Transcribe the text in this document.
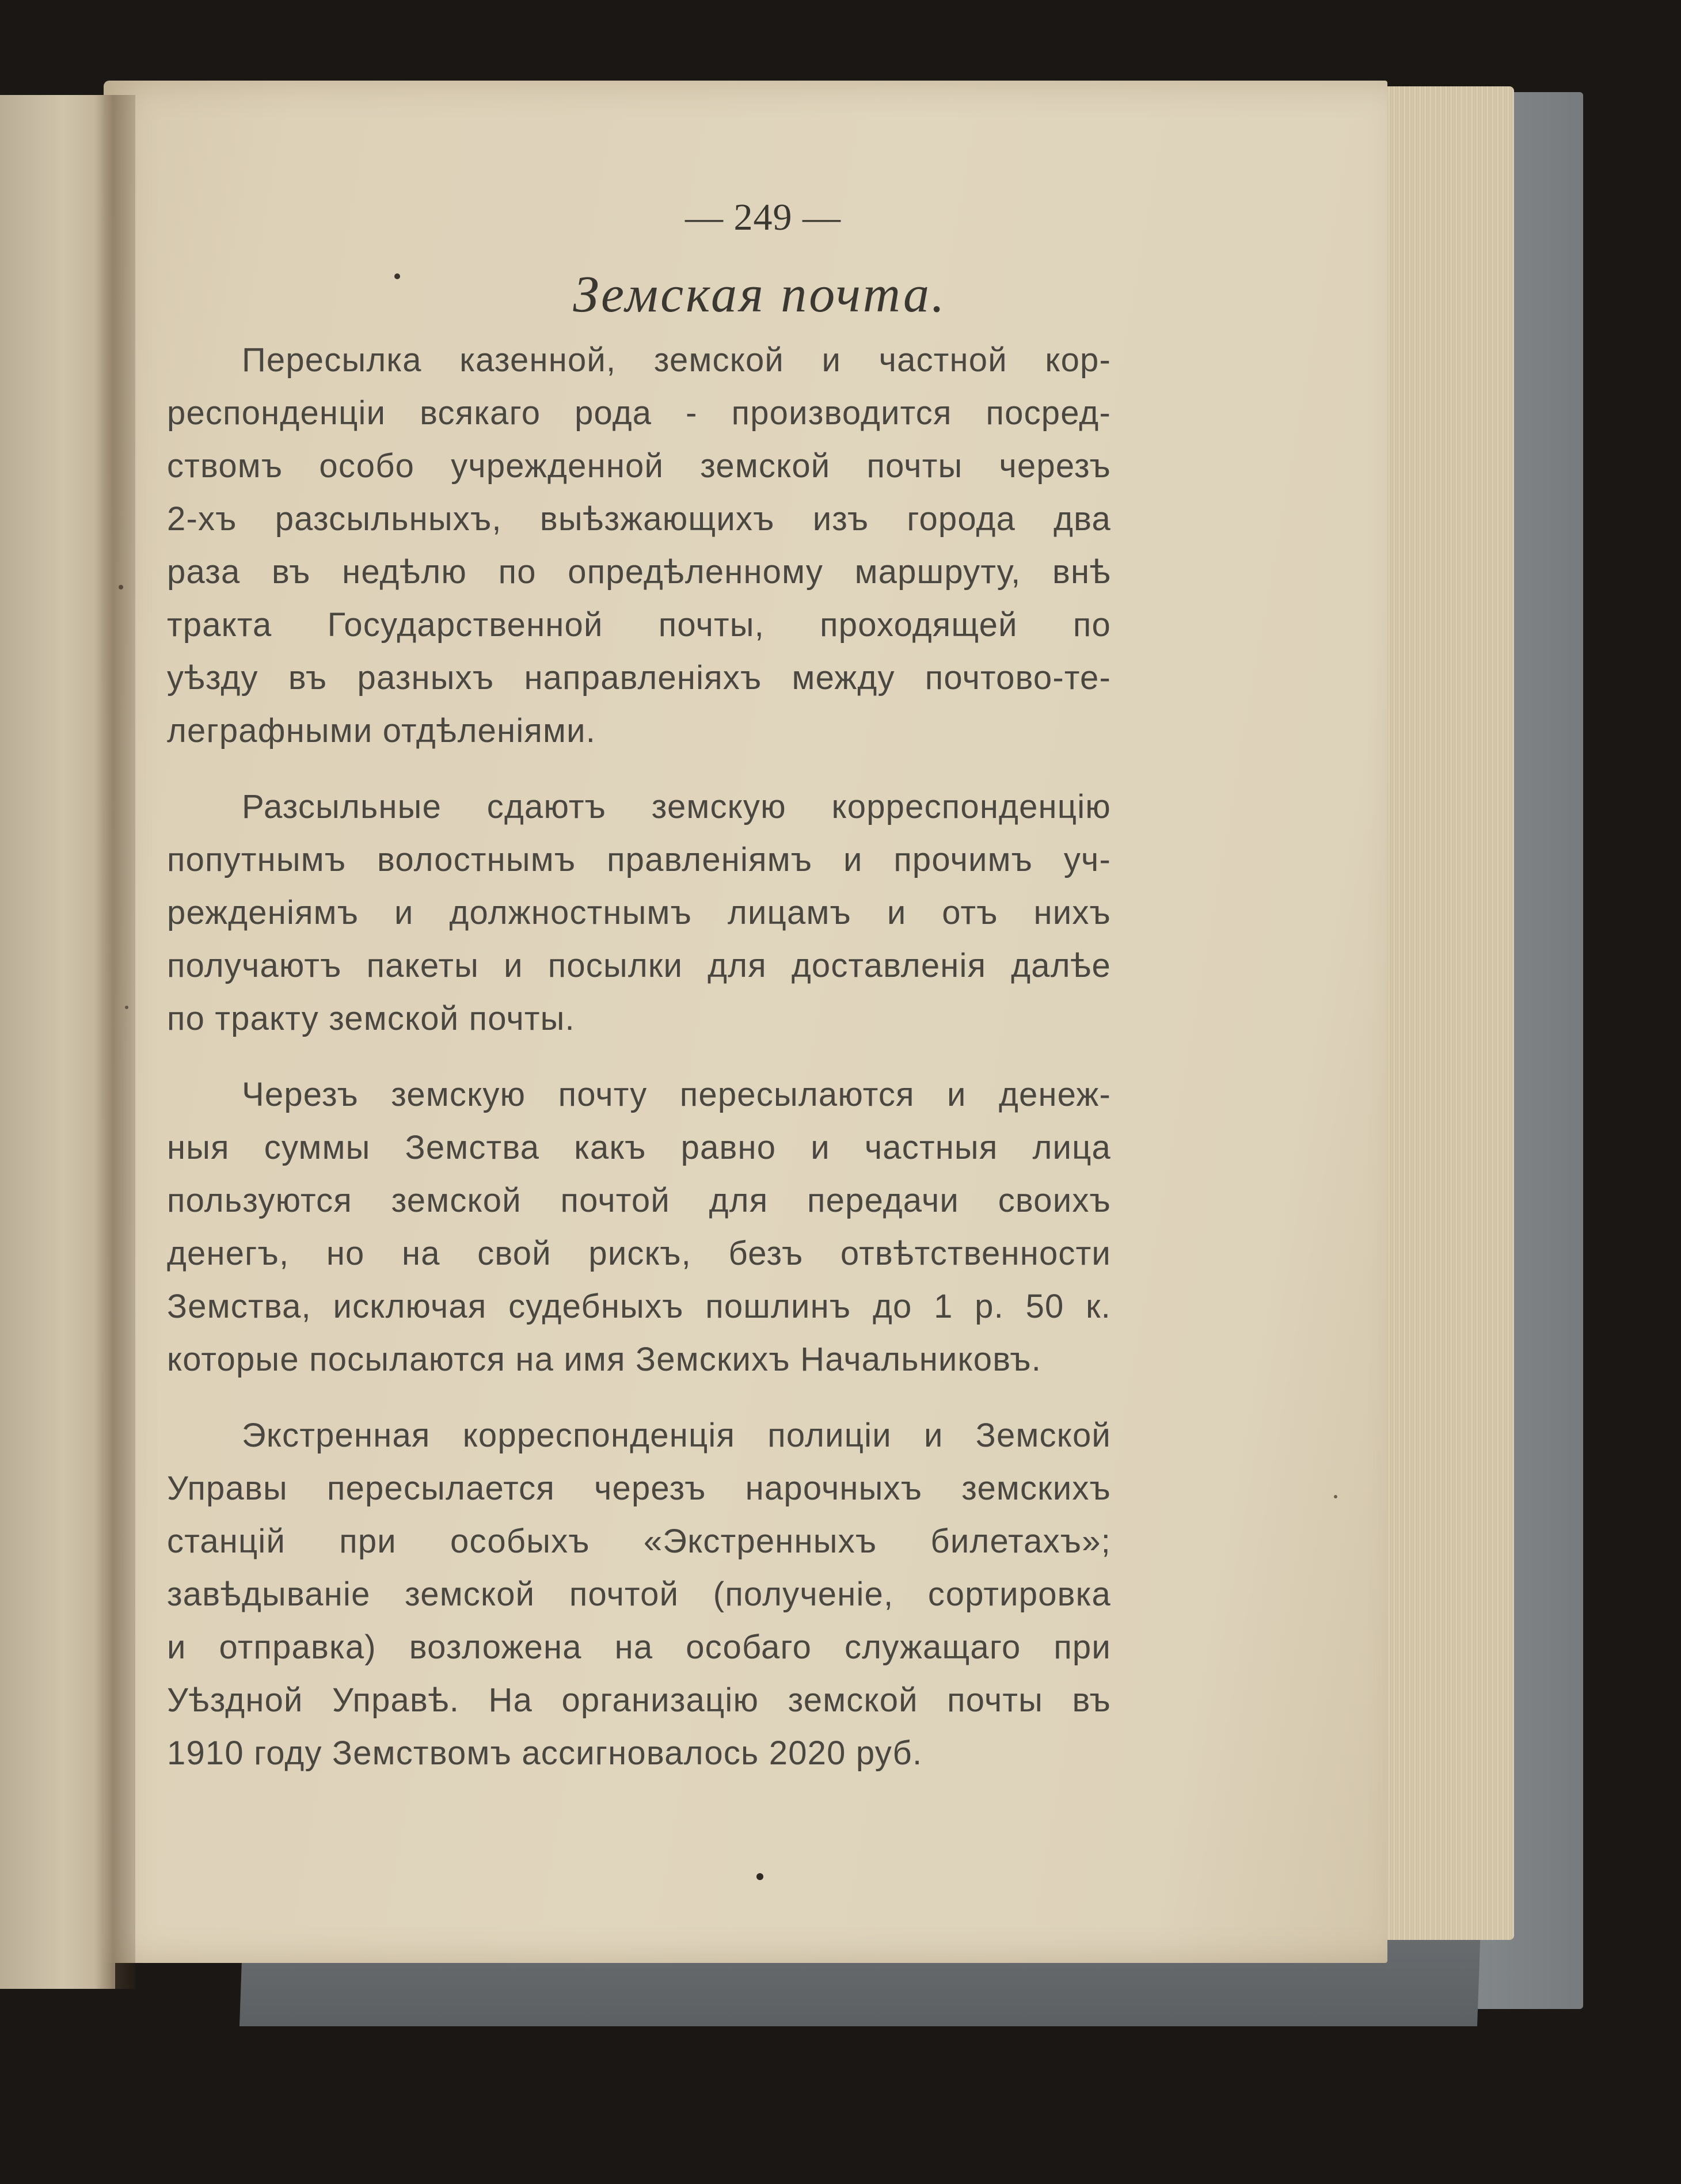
— 249 —
Земская почта.
Пересылка казенной, земской и частной кор-
респонденціи всякаго рода - производится посред-
ствомъ особо учрежденной земской почты черезъ
2-хъ разсыльныхъ, выѣзжающихъ изъ города два
раза въ недѣлю по опредѣленному маршруту, внѣ
тракта Государственной почты, проходящей по
уѣзду въ разныхъ направленіяхъ между почтово-те-
леграфными отдѣленіями.
Разсыльные сдаютъ земскую корреспонденцію
попутнымъ волостнымъ правленіямъ и прочимъ уч-
режденіямъ и должностнымъ лицамъ и отъ нихъ
получаютъ пакеты и посылки для доставленія далѣе
по тракту земской почты.
Черезъ земскую почту пересылаются и денеж-
ныя суммы Земства какъ равно и частныя лица
пользуются земской почтой для передачи своихъ
денегъ, но на свой рискъ, безъ отвѣтственности
Земства, исключая судебныхъ пошлинъ до 1 р. 50 к.
которые посылаются на имя Земскихъ Начальниковъ.
Экстренная корреспонденція полиціи и Земской
Управы пересылается черезъ нарочныхъ земскихъ
станцій при особыхъ «Экстренныхъ билетахъ»;
завѣдываніе земской почтой (полученіе, сортировка
и отправка) возложена на особаго служащаго при
Уѣздной Управѣ. На организацію земской почты въ
1910 году Земствомъ ассигновалось 2020 руб.
